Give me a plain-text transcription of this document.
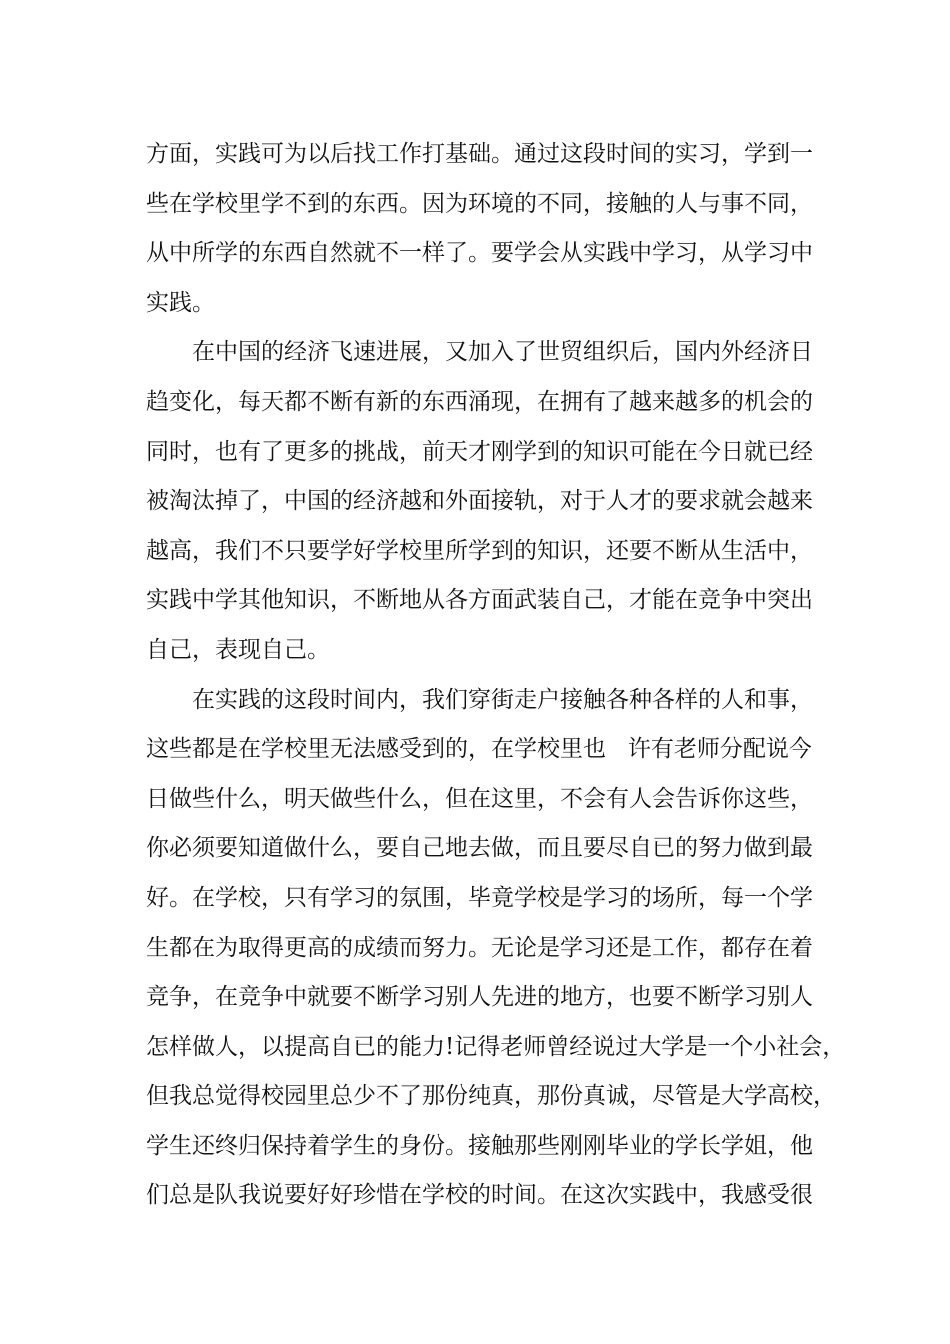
方面，实践可为以后找工作打基础。通过这段时间的实习，学到一
些在学校里学不到的东西。因为环境的不同，接触的人与事不同，
从中所学的东西自然就不一样了。要学会从实践中学习，从学习中
实践。
在中国的经济飞速进展，又加入了世贸组织后，国内外经济日
趋变化，每天都不断有新的东西涌现，在拥有了越来越多的机会的
同时，也有了更多的挑战，前天才刚学到的知识可能在今日就已经
被淘汰掉了，中国的经济越和外面接轨，对于人才的要求就会越来
越高，我们不只要学好学校里所学到的知识，还要不断从生活中，
实践中学其他知识，不断地从各方面武装自己，才能在竞争中突出
自己，表现自己。
在实践的这段时间内，我们穿街走户接触各种各样的人和事，
这些都是在学校里无法感受到的，在学校里也   许有老师分配说今
日做些什么，明天做些什么，但在这里，不会有人会告诉你这些，
你必须要知道做什么，要自己地去做，而且要尽自已的努力做到最
好。在学校，只有学习的氛围，毕竟学校是学习的场所，每一个学
生都在为取得更高的成绩而努力。无论是学习还是工作，都存在着
竞争，在竞争中就要不断学习别人先进的地方，也要不断学习别人
怎样做人，以提高自已的能力!记得老师曾经说过大学是一个小社会，
但我总觉得校园里总少不了那份纯真，那份真诚，尽管是大学高校，
学生还终归保持着学生的身份。接触那些刚刚毕业的学长学姐，他
们总是队我说要好好珍惜在学校的时间。在这次实践中，我感受很
